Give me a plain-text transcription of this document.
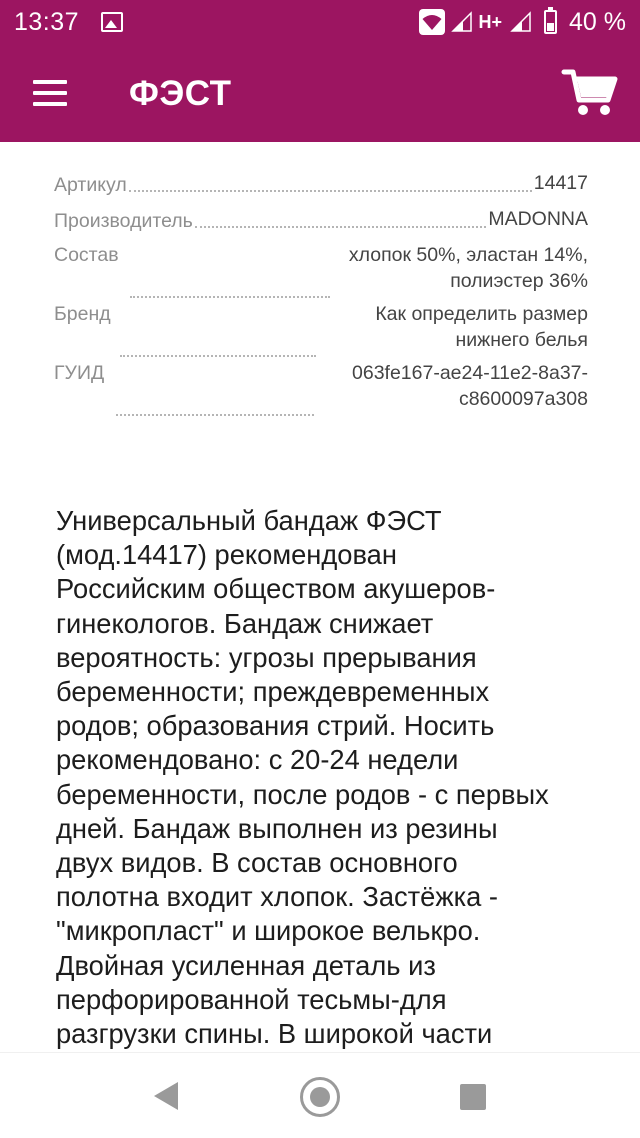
13:37	H+	40 %
ФЭСТ
Артикул	14417
Производитель	MADONNA
Состав	хлопок 50%, эластан 14%,
полиэстер 36%
Бренд	Как определить размер
нижнего белья
ГУИД	063fe167-ae24-11e2-8a37-
c8600097a308
Универсальный бандаж ФЭСТ
(мод.14417) рекомендован
Российским обществом акушеров-
гинекологов. Бандаж снижает
вероятность: угрозы прерывания
беременности; преждевременных
родов; образования стрий. Носить
рекомендовано: с 20-24 недели
беременности, после родов - с первых
дней. Бандаж выполнен из резины
двух видов. В состав основного
полотна входит хлопок. Застёжка -
"микропласт" и широкое велькро.
Двойная усиленная деталь из
перфорированной тесьмы-для
разгрузки спины. В широкой части
